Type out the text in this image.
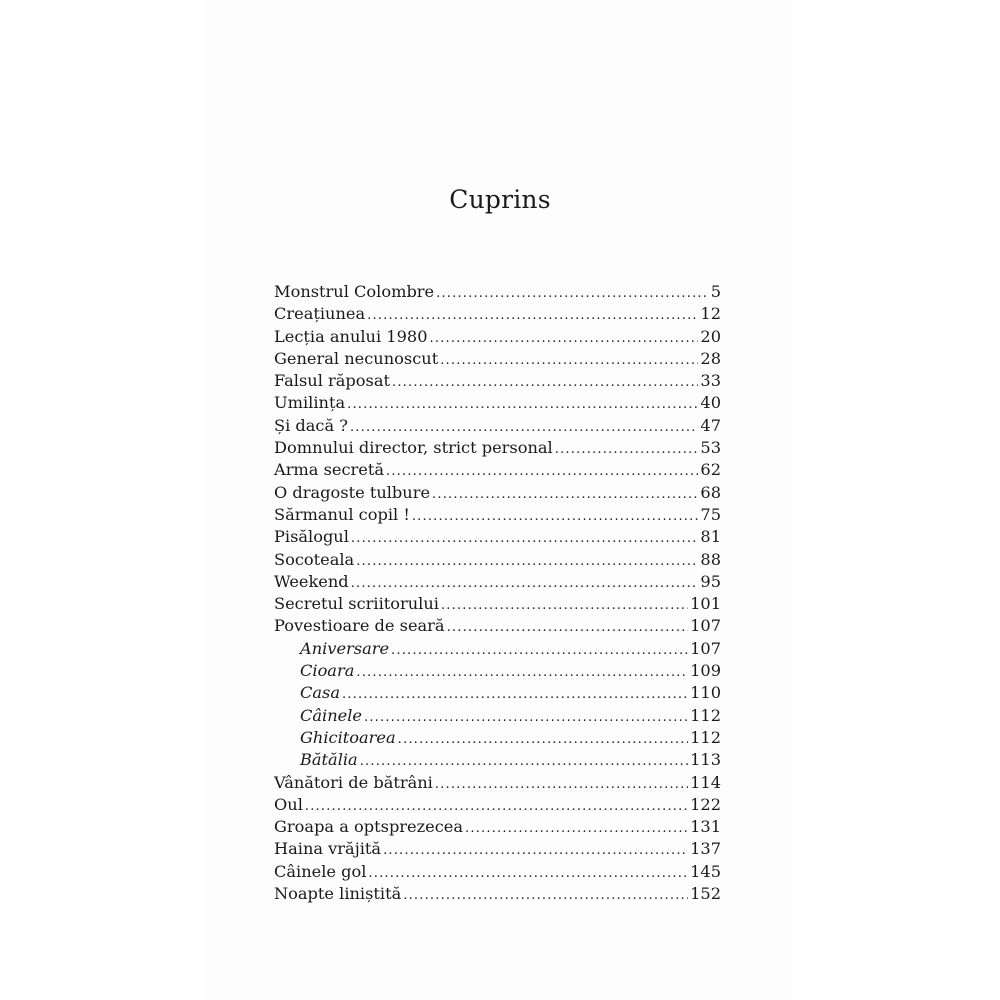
Cuprins
Monstrul Colombre .....	5
Creațiunea .....	12
Lecția anului 1980 .....	20
General necunoscut .....	28
Falsul răposat .....	33
Umilința .....	40
Și dacă ? .....	47
Domnului director, strict personal .....	53
Arma secretă .....	62
O dragoste tulbure .....	68
Sărmanul copil ! .....	75
Pisălogul .....	81
Socoteala .....	88
Weekend .....	95
Secretul scriitorului .....	101
Povestioare de seară .....	107
Aniversare .....	107
Cioara .....	109
Casa .....	110
Câinele .....	112
Ghicitoarea .....	112
Bătălia .....	113
Vânători de bătrâni .....	114
Oul .....	122
Groapa a optsprezecea .....	131
Haina vrăjită .....	137
Câinele gol .....	145
Noapte liniștită .....	152
